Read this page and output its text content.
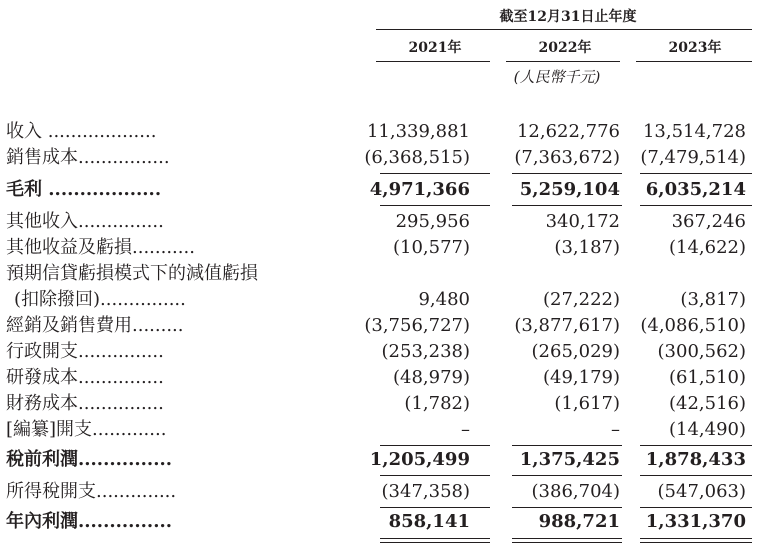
截至12月31日止年度
2021年	2022年	2023年
(人民幣千元)
收入 ...................	11,339,881	12,622,776	13,514,728
銷售成本................	(6,368,515)	(7,363,672)	(7,479,514)
毛利 ..................	4,971,366	5,259,104	6,035,214
其他收入...............	295,956	340,172	367,246
其他收益及虧損...........	(10,577)	(3,187)	(14,622)
預期信貸虧損模式下的減值虧損
(扣除撥回)...............	9,480	(27,222)	(3,817)
經銷及銷售費用.........	(3,756,727)	(3,877,617)	(4,086,510)
行政開支...............	(253,238)	(265,029)	(300,562)
研發成本...............	(48,979)	(49,179)	(61,510)
財務成本...............	(1,782)	(1,617)	(42,516)
[編纂]開支.............	–	–	(14,490)
稅前利潤...............	1,205,499	1,375,425	1,878,433
所得稅開支..............	(347,358)	(386,704)	(547,063)
年內利潤...............	858,141	988,721	1,331,370
